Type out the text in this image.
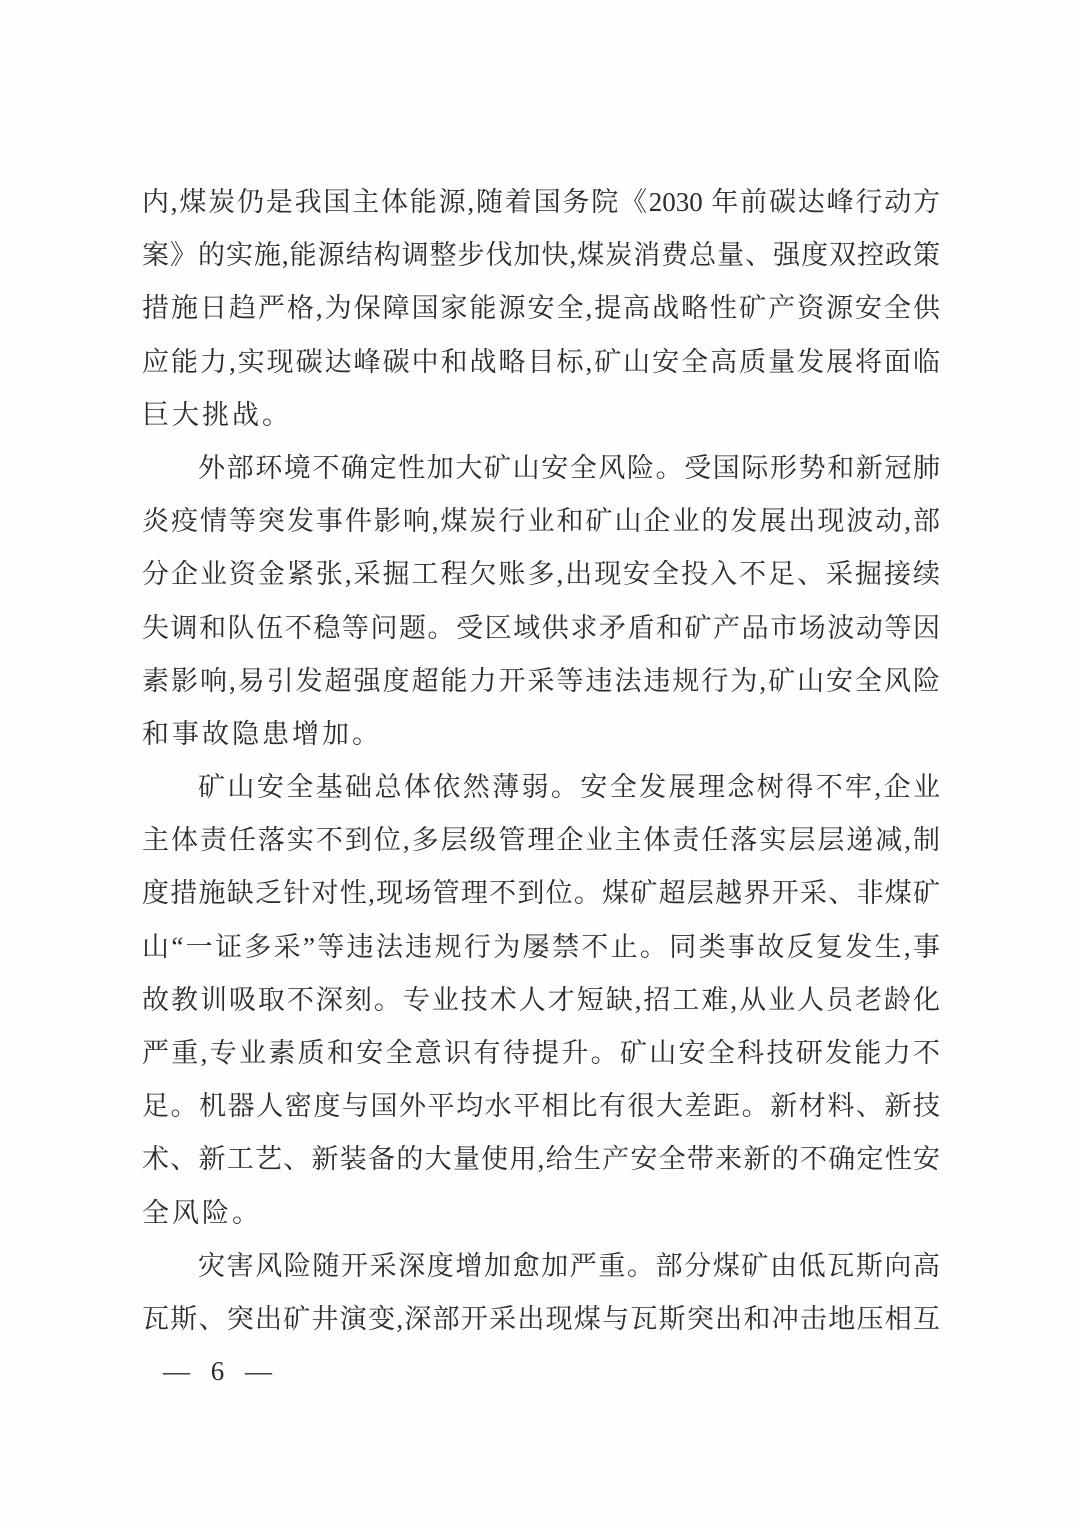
内,煤炭仍是我国主体能源,随着国务院《2030 年前碳达峰行动方
案》的实施,能源结构调整步伐加快,煤炭消费总量、强度双控政策
措施日趋严格,为保障国家能源安全,提高战略性矿产资源安全供
应能力,实现碳达峰碳中和战略目标,矿山安全高质量发展将面临
巨大挑战。
外部环境不确定性加大矿山安全风险。受国际形势和新冠肺
炎疫情等突发事件影响,煤炭行业和矿山企业的发展出现波动,部
分企业资金紧张,采掘工程欠账多,出现安全投入不足、采掘接续
失调和队伍不稳等问题。受区域供求矛盾和矿产品市场波动等因
素影响,易引发超强度超能力开采等违法违规行为,矿山安全风险
和事故隐患增加。
矿山安全基础总体依然薄弱。安全发展理念树得不牢,企业
主体责任落实不到位,多层级管理企业主体责任落实层层递减,制
度措施缺乏针对性,现场管理不到位。煤矿超层越界开采、非煤矿
山“一证多采”等违法违规行为屡禁不止。同类事故反复发生,事
故教训吸取不深刻。专业技术人才短缺,招工难,从业人员老龄化
严重,专业素质和安全意识有待提升。矿山安全科技研发能力不
足。机器人密度与国外平均水平相比有很大差距。新材料、新技
术、新工艺、新装备的大量使用,给生产安全带来新的不确定性安
全风险。
灾害风险随开采深度增加愈加严重。部分煤矿由低瓦斯向高
瓦斯、突出矿井演变,深部开采出现煤与瓦斯突出和冲击地压相互
— 6 —
